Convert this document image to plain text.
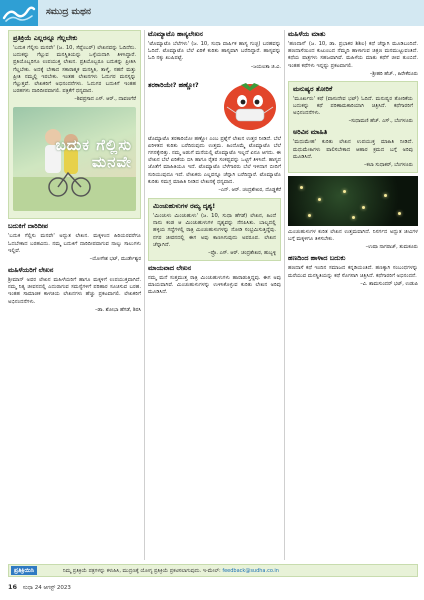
ಸಮುದ್ರ ಮಥನ
ಪ್ರತಿಕ್ರಿಯೆ ಎಲ್ಲರನ್ನೂ ಗೆಲ್ಲಬೇಕು
'ಬದುಕ ಗೆಲ್ಲಿಸು ಮನವೇ' (ಜ. 10, ಸೆಪ್ಟೆಂಬರ್) ಲೇಖನವನ್ನು ಓದಿದೆನು. ಬದುಕನ್ನು ಗೆಲ್ಲುವ ಮನಸ್ಥಿತಿಯನ್ನು ಒಳ್ಳೆಯದಾಗಿ ತಿಳಿಸಿದ್ದಾರೆ. ಪ್ರತಿಯೊಬ್ಬರಿಗೂ ಉಪಯುಕ್ತ ಲೇಖನ. ಪ್ರತಿಯೊಬ್ಬರೂ ಬದುಕನ್ನು ಪ್ರೀತಿಸಿ ಗೆಲ್ಲಬೇಕು. ಅದಕ್ಕೆ ಬೇಕಾದ ಸಕಾರಾತ್ಮಕ ಮನಸ್ಥಿತಿ, ತಾಳ್ಮೆ, ಸಹನೆ ಮತ್ತು ಪ್ರೀತಿ ನಮ್ಮಲ್ಲಿ ಇರಬೇಕು. ಇಂತಹ ಲೇಖನಗಳು ಓದುಗರ ಮನಸ್ಸನ್ನು ಗೆಲ್ಲುತ್ತವೆ. ಲೇಖಕರಿಗೆ ಅಭಿನಂದನೆಗಳು. ಓದುಗರ ಬದುಕಿಗೆ ಇಂತಹ ಬರಹಗಳು ದಾರಿದೀಪವಾಗಲಿ. ಪತ್ರಿಕೆಗೆ ಧನ್ಯವಾದ.
–ಶಿವಪ್ರಸಾದ ಎಸ್. ಆರ್., ದಾವಣಗೆರೆ
ಬದುಕ ಗೆಲ್ಲಿಸು ಮನವೇ
ಬದುಕಿಗೆ ದಾರಿದೀಪ
'ಬದುಕ ಗೆಲ್ಲಿಸು ಮನವೇ' ಅದ್ಭುತ ಲೇಖನ. ಮಕ್ಕಳಿಂದ ಹಿರಿಯರವರೆಗೂ ಓದಬೇಕಾದ ಬರಹವಿದು. ನಮ್ಮ ಬದುಕಿಗೆ ದಾರಿದೀಪವಾಗುವ ನಾಲ್ಕು ಸಾಲುಗಳು ಇಲ್ಲಿವೆ.
–ಯೋಗೇಶ ಭಟ್, ಮುರ್ಡೇಶ್ವರ
ಮಹಿಳೆಯರಿಗೆ ಲೇಖನ
ಶ್ರೀಮಾನ್ ಅವರ ಲೇಖನ ಮಹಿಳೆಯರಿಗೆ ಹಾಗೂ ಮಕ್ಕಳಿಗೆ ಉಪಯುಕ್ತವಾಗಿದೆ. ನಮ್ಮ ನಿತ್ಯ ಜೀವನದಲ್ಲಿ ಎದುರಾಗುವ ಸಮಸ್ಯೆಗಳಿಗೆ ಪರಿಹಾರ ಸೂಚಿಸುವ ಬರಹ. ಇಂತಹ ಸಾಮಾಜಿಕ ಕಾಳಜಿಯ ಲೇಖನಗಳು ಹೆಚ್ಚು ಪ್ರಕಟವಾಗಲಿ. ಲೇಖಕರಿಗೆ ಅಭಿನಂದನೆಗಳು.
–ಡಾ. ಶೋಭಾ ಹೆಗಡೆ, ಶಿರಸಿ
ಟೊಮ್ಯಾಟೊ ಹಾಸ್ಯಲೇಖನ
'ಟೊಮ್ಯಾಟೊ ಬೆಲೆಗಳು' (ಜ. 10, ಸುಧಾ ವಾರ್ಷಿಕ ಹಾಸ್ಯ ಗುಚ್ಛ) ಬರಹವನ್ನು ಓದಿದೆ. ಟೊಮ್ಯಾಟೊ ಬೆಲೆ ಏರಿಕೆ ಕುರಿತು ಹಾಸ್ಯವಾಗಿ ಬರೆದಿದ್ದಾರೆ. ಹಾಸ್ಯವನ್ನು ಓದಿ ನಕ್ಕು ಖುಷಿಪಟ್ಟೆ.
–ಜಯಲತಾ ಜಿ.ವಿ.
ತರಕಾರಿಯೇ? ಹಣ್ಣೋ?
ಟೊಮ್ಯಾಟೊ ತರಕಾರಿಯೋ ಹಣ್ಣೋ ಎಂಬ ಪ್ರಶ್ನೆಗೆ ಲೇಖನ ಉತ್ತರ ನೀಡಿದೆ. ಬೆಲೆ ಏರಿಳಿತದ ಕುರಿತು ಬರೆದಿರುವುದು ಉತ್ತಮ. ಹಿಂದೊಮ್ಮೆ ಟೊಮ್ಯಾಟೊ ಬೆಲೆ ಗಗನಕ್ಕೇರಿತ್ತು. ನಮ್ಮ ಅಡುಗೆ ಮನೆಯಲ್ಲಿ ಟೊಮ್ಯಾಟೊ ಇಲ್ಲದೆ ಏನೂ ಆಗದು. ಈ ಲೇಖನ ಬೆಲೆ ಏರಿಕೆಯ ಬಿಸಿ ಹಾಗೂ ರೈತರ ಸಂಕಷ್ಟವನ್ನು ಒಟ್ಟಿಗೆ ತಿಳಿಸಿದೆ. ಹಾಸ್ಯದ ಜೊತೆಗೆ ಮಾಹಿತಿಯೂ ಇದೆ. ಟೊಮ್ಯಾಟೊ ಬೆಳೆಗಾರರು ಬೆಲೆ ಇಳಿದಾಗ ಬೀದಿಗೆ ಸುರಿಯುವುದೂ ಇದೆ. ಲೇಖಕರು ಎಲ್ಲವನ್ನೂ ಚೆನ್ನಾಗಿ ಬರೆದಿದ್ದಾರೆ. ಟೊಮ್ಯಾಟೊ ಕುರಿತು ಸಮಗ್ರ ಮಾಹಿತಿ ನೀಡಿದ ಲೇಖನಕ್ಕೆ ಧನ್ಯವಾದ.
–ಎನ್. ಆರ್. ಚಂದ್ರಶೇಖರ, ದೊಡ್ಡಕೆರೆ
ಮಿಂಚುಹುಳುಗಳ ರಮ್ಯ ದೃಶ್ಯ!
'ಮಿಂಚುಳು ಮಿಂಚುಹುಳು' (ಜ. 10, ಸುಧಾ ಹೆಗಡೆ) ಲೇಖನ, ಹಿಂದೆ ನಾನು ಕಂಡ ಆ ಮಿಂಚುಹುಳುಗಳ ದೃಶ್ಯವನ್ನು ನೆನಪಿಸಿತು. ಬಾಲ್ಯದಲ್ಲಿ ಹಳ್ಳಿಯ ಗದ್ದೆಗಳಲ್ಲಿ ರಾತ್ರಿ ಮಿಂಚುಹುಳುಗಳನ್ನು ನೋಡಿ ಸಂಭ್ರಮಿಸುತ್ತಿದ್ದೆವು. ನಗರ ಜೀವನದಲ್ಲಿ ಈಗ ಅವು ಕಾಣಸಿಗುವುದು ಅಪರೂಪ. ಲೇಖನ ಚೆನ್ನಾಗಿದೆ.
–ಪ್ರೊ. ಎಸ್. ಆರ್. ಚಂದ್ರಶೇಖರ, ಹುಬ್ಬಳ್ಳಿ
ಮಾಯವಾದ ಲೇಖನ
ನಮ್ಮ ಮನೆ ಸುತ್ತಮುತ್ತ ರಾತ್ರಿ ಮಿಂಚುಹುಳುಗಳು ಹಾರಾಡುತ್ತಿದ್ದವು. ಈಗ ಅವು ಮಾಯವಾಗಿವೆ. ಮಿಂಚುಹುಳುಗಳನ್ನು ಉಳಿಸಿಕೊಳ್ಳುವ ಕುರಿತು ಲೇಖನ ಅರಿವು ಮೂಡಿಸಿದೆ.
ಮಹಿಳೆಯ ಮಾತು
'ಹಣದಾಸೆ' (ಜ. 10, ಡಾ. ಪ್ರಭಾಕರ ಶಿಶಿಲ) ಕಥೆ ಚೆನ್ನಾಗಿ ಮೂಡಿಬಂದಿದೆ. ಹಣದಾಸೆಯಿಂದ ಕುಟುಂಬದ ನೆಮ್ಮದಿ ಹಾಳಾಗುವ ಚಿತ್ರಣ ಮನಮುಟ್ಟುವಂತಿದೆ. ಕಥೆಯ ಪಾತ್ರಗಳು ಸಹಜವಾಗಿವೆ. ಮಹಿಳೆಯ ಮಾತು ಕಥೆಗೆ ಜೀವ ತುಂಬಿದೆ. ಇಂತಹ ಕಥೆಗಳು ಇನ್ನಷ್ಟು ಪ್ರಕಟವಾಗಲಿ.
–ಶ್ರೀಹರಿ ಹೆಚ್., ಹಿರೇಕೆರೂರು
ಮನುಷ್ಯರ ತೋರಿಕೆ
'ಮೂರ್ಖರು' ಕಥೆ (ವಾಸುದೇವ ಭಟ್) ಓದಿದೆ. ಮನುಷ್ಯರ ತೋರಿಕೆಯ ಬದುಕನ್ನು ಕಥೆ ಪರಿಣಾಮಕಾರಿಯಾಗಿ ಚಿತ್ರಿಸಿದೆ. ಕಥೆಗಾರರಿಗೆ ಅಭಿನಂದನೆಗಳು.
–ಸುಧಾಮಣಿ ಹೆಚ್. ಎಸ್., ಬೆಂಗಳೂರು
ಅರಿವಿನ ಮಾಹಿತಿ
'ಮಧುಮೇಹ' ಕುರಿತು ಲೇಖನ ಉಪಯುಕ್ತ ಮಾಹಿತಿ ನೀಡಿದೆ. ಮಧುಮೇಹಿಗಳು ಪಾಲಿಸಬೇಕಾದ ಆಹಾರ ಕ್ರಮದ ಬಗ್ಗೆ ಅರಿವು ಮೂಡಿಸಿದೆ.
–ಕಲಾ ಸುಧಾಕರ್, ಬೆಂಗಳೂರು
ಮಿಂಚುಹುಳುಗಳ ಕುರಿತ ಲೇಖನ ಉತ್ತಮವಾಗಿದೆ. ನಿಸರ್ಗದ ಅದ್ಭುತ ಜೀವಿಗಳ ಬಗ್ಗೆ ಮಕ್ಕಳಿಗೂ ತಿಳಿಸಬೇಕು.
–ಉಷಾ ನಾಗರಾಜ್, ತುಮಕೂರು
ಹಣದಿಂದ ಹಾಳಾದ ಬದುಕು
ಹಣದಾಸೆ ಕಥೆ ಇಂದಿನ ಸಮಾಜದ ಕನ್ನಡಿಯಂತಿದೆ. ಹಣಕ್ಕಾಗಿ ಸಂಬಂಧಗಳನ್ನು ಮರೆಯುವ ಮನಸ್ಥಿತಿಯನ್ನು ಕಥೆ ಸೊಗಸಾಗಿ ಚಿತ್ರಿಸಿದೆ. ಕಥೆಗಾರರಿಗೆ ಅಭಿನಂದನೆ.
–ವಿ. ಶಾಮಸುಂದರ್ ಭಟ್, ಉಡುಪಿ
ಪ್ರತಿಕ್ರಿಯಿಸಿ	ನಿಮ್ಮ ಪ್ರತಿಕ್ರಿಯೆ ಪತ್ರಗಳನ್ನು ಕಳುಹಿಸಿ, ಮುದ್ರಣಕ್ಕೆ ಯೋಗ್ಯ ಪ್ರತಿಕ್ರಿಯೆ ಪ್ರಕಟಿಸಲಾಗುವುದು. ಇ-ಮೇಲ್: feedback@sudha.co.in
16 ಸುಧಾ 24 ಆಗಸ್ಟ್ 2023
